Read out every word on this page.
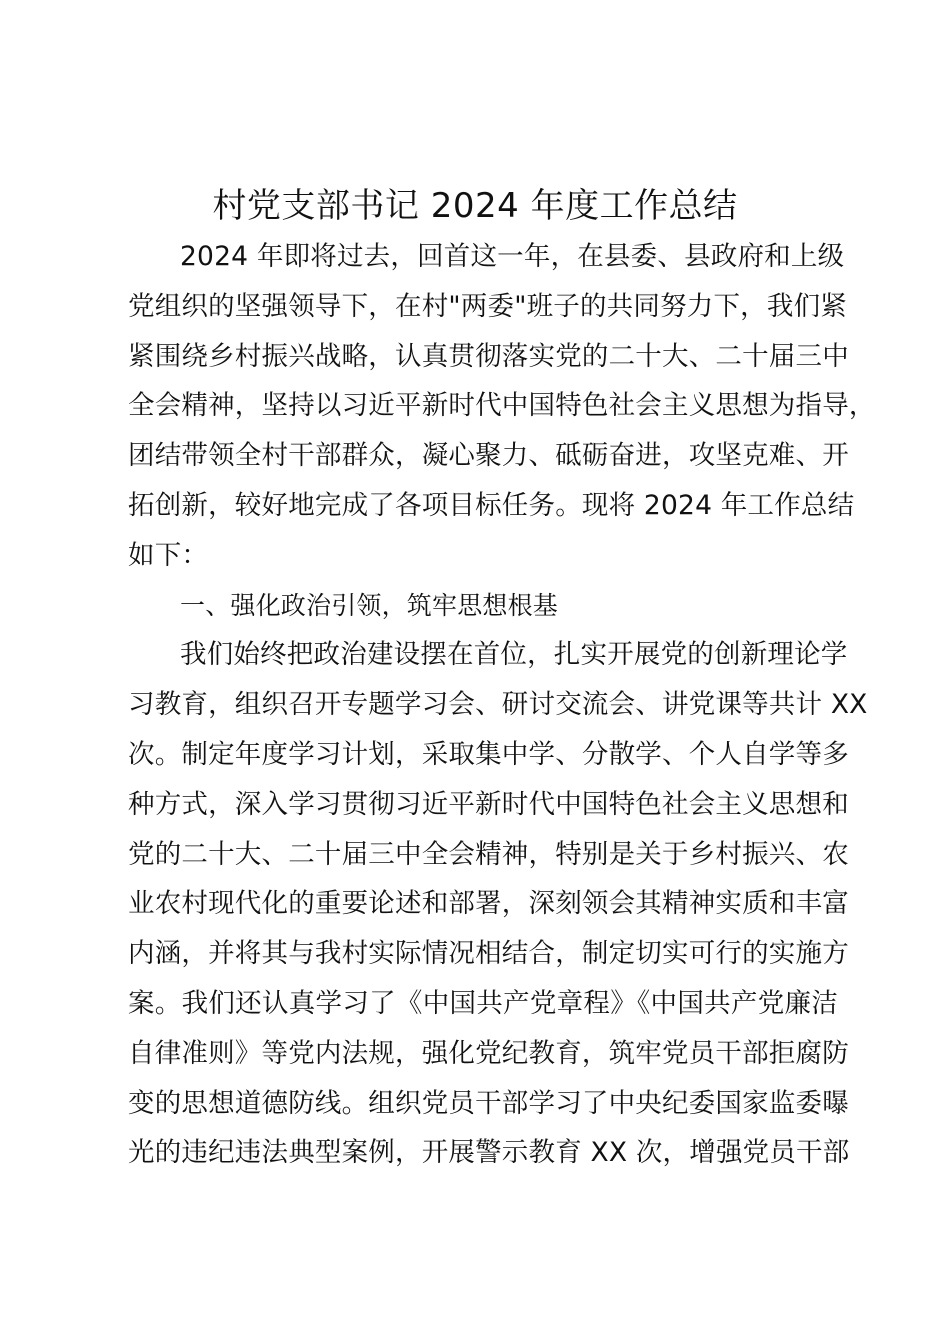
村党支部书记 2024 年度工作总结
2024 年即将过去，回首这一年，在县委、县政府和上级
党组织的坚强领导下，在村"两委"班子的共同努力下，我们紧
紧围绕乡村振兴战略，认真贯彻落实党的二十大、二十届三中
全会精神，坚持以习近平新时代中国特色社会主义思想为指导，
团结带领全村干部群众，凝心聚力、砥砺奋进，攻坚克难、开
拓创新，较好地完成了各项目标任务。现将 2024 年工作总结
如下：
一、强化政治引领，筑牢思想根基
我们始终把政治建设摆在首位，扎实开展党的创新理论学
习教育，组织召开专题学习会、研讨交流会、讲党课等共计 XX
次。制定年度学习计划，采取集中学、分散学、个人自学等多
种方式，深入学习贯彻习近平新时代中国特色社会主义思想和
党的二十大、二十届三中全会精神，特别是关于乡村振兴、农
业农村现代化的重要论述和部署，深刻领会其精神实质和丰富
内涵，并将其与我村实际情况相结合，制定切实可行的实施方
案。我们还认真学习了《中国共产党章程》《中国共产党廉洁
自律准则》等党内法规，强化党纪教育，筑牢党员干部拒腐防
变的思想道德防线。组织党员干部学习了中央纪委国家监委曝
光的违纪违法典型案例，开展警示教育 XX 次，增强党员干部
